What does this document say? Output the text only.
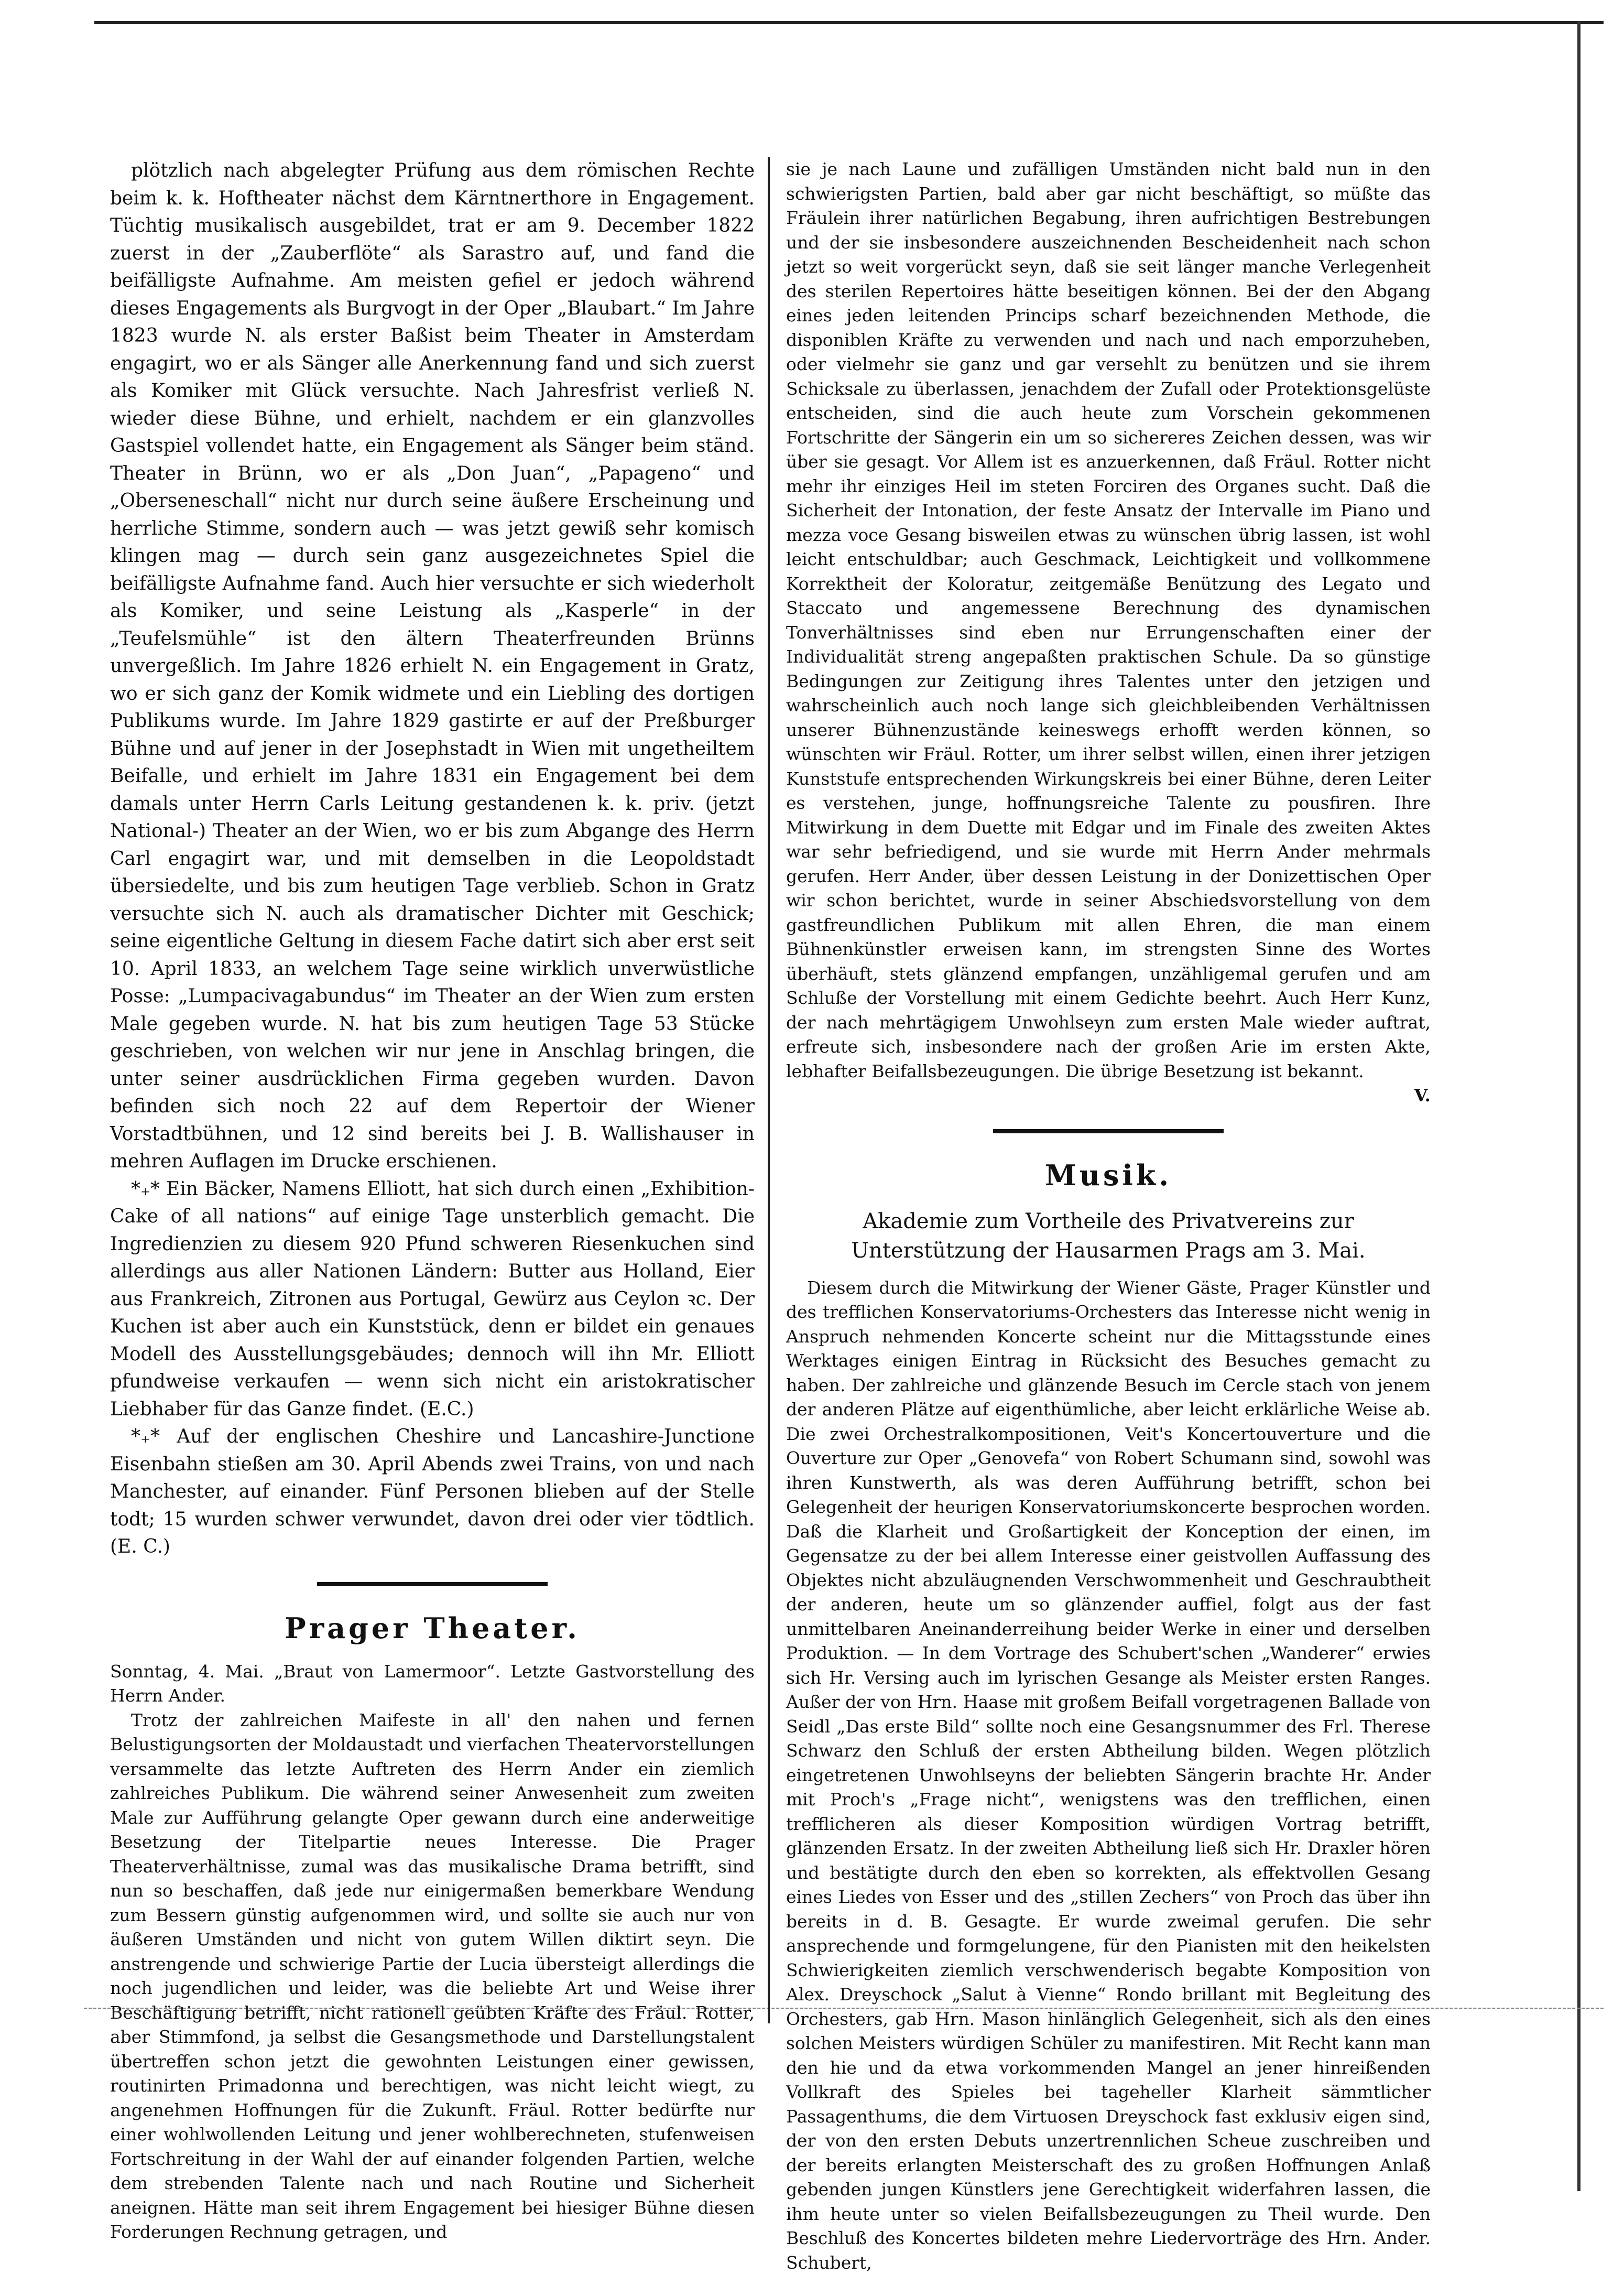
plötzlich nach abgelegter Prüfung aus dem römischen Rechte beim k. k. Hoftheater nächst dem Kärntnerthore in Engagement. Tüchtig musikalisch ausgebildet, trat er am 9. December 1822 zuerst in der „Zauberflöte“ als Sarastro auf, und fand die beifälligste Aufnahme. Am meisten gefiel er jedoch während dieses Engagements als Burgvogt in der Oper „Blaubart.“ Im Jahre 1823 wurde N. als erster Baßist beim Theater in Amsterdam engagirt, wo er als Sänger alle Anerkennung fand und sich zuerst als Komiker mit Glück versuchte. Nach Jahresfrist verließ N. wieder diese Bühne, und erhielt, nachdem er ein glanzvolles Gastspiel vollendet hatte, ein Engagement als Sänger beim ständ. Theater in Brünn, wo er als „Don Juan“, „Papageno“ und „Oberseneschall“ nicht nur durch seine äußere Erscheinung und herrliche Stimme, sondern auch — was jetzt gewiß sehr komisch klingen mag — durch sein ganz ausgezeichnetes Spiel die beifälligste Aufnahme fand. Auch hier versuchte er sich wiederholt als Komiker, und seine Leistung als „Kasperle“ in der „Teufelsmühle“ ist den ältern Theaterfreunden Brünns unvergeßlich. Im Jahre 1826 erhielt N. ein Engagement in Gratz, wo er sich ganz der Komik widmete und ein Liebling des dortigen Publikums wurde. Im Jahre 1829 gastirte er auf der Preßburger Bühne und auf jener in der Josephstadt in Wien mit ungetheiltem Beifalle, und erhielt im Jahre 1831 ein Engagement bei dem damals unter Herrn Carls Leitung gestandenen k. k. priv. (jetzt National-) Theater an der Wien, wo er bis zum Abgange des Herrn Carl engagirt war, und mit demselben in die Leopoldstadt übersiedelte, und bis zum heutigen Tage verblieb. Schon in Gratz versuchte sich N. auch als dramatischer Dichter mit Geschick; seine eigentliche Geltung in diesem Fache datirt sich aber erst seit 10. April 1833, an welchem Tage seine wirklich unverwüstliche Posse: „Lumpacivagabundus“ im Theater an der Wien zum ersten Male gegeben wurde. N. hat bis zum heutigen Tage 53 Stücke geschrieben, von welchen wir nur jene in Anschlag bringen, die unter seiner ausdrücklichen Firma gegeben wurden. Davon befinden sich noch 22 auf dem Repertoir der Wiener Vorstadtbühnen, und 12 sind bereits bei J. B. Wallishauser in mehren Auflagen im Drucke erschienen.

*₊* Ein Bäcker, Namens Elliott, hat sich durch einen „Exhibition-Cake of all nations“ auf einige Tage unsterblich gemacht. Die Ingredienzien zu diesem 920 Pfund schweren Riesenkuchen sind allerdings aus aller Nationen Ländern: Butter aus Holland, Eier aus Frankreich, Zitronen aus Portugal, Gewürz aus Ceylon ꝛc. Der Kuchen ist aber auch ein Kunststück, denn er bildet ein genaues Modell des Ausstellungsgebäudes; dennoch will ihn Mr. Elliott pfundweise verkaufen — wenn sich nicht ein aristokratischer Liebhaber für das Ganze findet. (E.C.)

*₊* Auf der englischen Cheshire und Lancashire-Junctione Eisenbahn stießen am 30. April Abends zwei Trains, von und nach Manchester, auf einander. Fünf Personen blieben auf der Stelle todt; 15 wurden schwer verwundet, davon drei oder vier tödtlich. (E. C.)

Prager Theater.

Sonntag, 4. Mai. „Braut von Lamermoor“. Letzte Gastvorstellung des Herrn Ander.

Trotz der zahlreichen Maifeste in all' den nahen und fernen Belustigungsorten der Moldaustadt und vierfachen Theatervorstellungen versammelte das letzte Auftreten des Herrn Ander ein ziemlich zahlreiches Publikum. Die während seiner Anwesenheit zum zweiten Male zur Aufführung gelangte Oper gewann durch eine anderweitige Besetzung der Titelpartie neues Interesse. Die Prager Theaterverhältnisse, zumal was das musikalische Drama betrifft, sind nun so beschaffen, daß jede nur einigermaßen bemerkbare Wendung zum Bessern günstig aufgenommen wird, und sollte sie auch nur von äußeren Umständen und nicht von gutem Willen diktirt seyn. Die anstrengende und schwierige Partie der Lucia übersteigt allerdings die noch jugendlichen und leider, was die beliebte Art und Weise ihrer Beschäftigung betrifft, nicht rationell geübten Kräfte des Fräul. Rotter, aber Stimmfond, ja selbst die Gesangsmethode und Darstellungstalent übertreffen schon jetzt die gewohnten Leistungen einer gewissen, routinirten Primadonna und berechtigen, was nicht leicht wiegt, zu angenehmen Hoffnungen für die Zukunft. Fräul. Rotter bedürfte nur einer wohlwollenden Leitung und jener wohlberechneten, stufenweisen Fortschreitung in der Wahl der auf einander folgenden Partien, welche dem strebenden Talente nach und nach Routine und Sicherheit aneignen. Hätte man seit ihrem Engagement bei hiesiger Bühne diesen Forderungen Rechnung getragen, und

sie je nach Laune und zufälligen Umständen nicht bald nun in den schwierigsten Partien, bald aber gar nicht beschäftigt, so müßte das Fräulein ihrer natürlichen Begabung, ihren aufrichtigen Bestrebungen und der sie insbesondere auszeichnenden Bescheidenheit nach schon jetzt so weit vorgerückt seyn, daß sie seit länger manche Verlegenheit des sterilen Repertoires hätte beseitigen können. Bei der den Abgang eines jeden leitenden Princips scharf bezeichnenden Methode, die disponiblen Kräfte zu verwenden und nach und nach emporzuheben, oder vielmehr sie ganz und gar versehlt zu benützen und sie ihrem Schicksale zu überlassen, jenachdem der Zufall oder Protektionsgelüste entscheiden, sind die auch heute zum Vorschein gekommenen Fortschritte der Sängerin ein um so sichereres Zeichen dessen, was wir über sie gesagt. Vor Allem ist es anzuerkennen, daß Fräul. Rotter nicht mehr ihr einziges Heil im steten Forciren des Organes sucht. Daß die Sicherheit der Intonation, der feste Ansatz der Intervalle im Piano und mezza voce Gesang bisweilen etwas zu wünschen übrig lassen, ist wohl leicht entschuldbar; auch Geschmack, Leichtigkeit und vollkommene Korrektheit der Koloratur, zeitgemäße Benützung des Legato und Staccato und angemessene Berechnung des dynamischen Tonverhältnisses sind eben nur Errungenschaften einer der Individualität streng angepaßten praktischen Schule. Da so günstige Bedingungen zur Zeitigung ihres Talentes unter den jetzigen und wahrscheinlich auch noch lange sich gleichbleibenden Verhältnissen unserer Bühnenzustände keineswegs erhofft werden können, so wünschten wir Fräul. Rotter, um ihrer selbst willen, einen ihrer jetzigen Kunststufe entsprechenden Wirkungskreis bei einer Bühne, deren Leiter es verstehen, junge, hoffnungsreiche Talente zu pousfiren. Ihre Mitwirkung in dem Duette mit Edgar und im Finale des zweiten Aktes war sehr befriedigend, und sie wurde mit Herrn Ander mehrmals gerufen. Herr Ander, über dessen Leistung in der Donizettischen Oper wir schon berichtet, wurde in seiner Abschiedsvorstellung von dem gastfreundlichen Publikum mit allen Ehren, die man einem Bühnenkünstler erweisen kann, im strengsten Sinne des Wortes überhäuft, stets glänzend empfangen, unzähligemal gerufen und am Schluße der Vorstellung mit einem Gedichte beehrt. Auch Herr Kunz, der nach mehrtägigem Unwohlseyn zum ersten Male wieder auftrat, erfreute sich, insbesondere nach der großen Arie im ersten Akte, lebhafter Beifallsbezeugungen. Die übrige Besetzung ist bekannt.

V.

Musik.
Akademie zum Vortheile des Privatvereins zur Unterstützung der Hausarmen Prags am 3. Mai.

Diesem durch die Mitwirkung der Wiener Gäste, Prager Künstler und des trefflichen Konservatoriums-Orchesters das Interesse nicht wenig in Anspruch nehmenden Koncerte scheint nur die Mittagsstunde eines Werktages einigen Eintrag in Rücksicht des Besuches gemacht zu haben. Der zahlreiche und glänzende Besuch im Cercle stach von jenem der anderen Plätze auf eigenthümliche, aber leicht erklärliche Weise ab. Die zwei Orchestralkompositionen, Veit's Koncertouverture und die Ouverture zur Oper „Genovefa“ von Robert Schumann sind, sowohl was ihren Kunstwerth, als was deren Aufführung betrifft, schon bei Gelegenheit der heurigen Konservatoriumskoncerte besprochen worden. Daß die Klarheit und Großartigkeit der Konception der einen, im Gegensatze zu der bei allem Interesse einer geistvollen Auffassung des Objektes nicht abzuläugnenden Verschwommenheit und Geschraubtheit der anderen, heute um so glänzender auffiel, folgt aus der fast unmittelbaren Aneinanderreihung beider Werke in einer und derselben Produktion. — In dem Vortrage des Schubert'schen „Wanderer“ erwies sich Hr. Versing auch im lyrischen Gesange als Meister ersten Ranges. Außer der von Hrn. Haase mit großem Beifall vorgetragenen Ballade von Seidl „Das erste Bild“ sollte noch eine Gesangsnummer des Frl. Therese Schwarz den Schluß der ersten Abtheilung bilden. Wegen plötzlich eingetretenen Unwohlseyns der beliebten Sängerin brachte Hr. Ander mit Proch's „Frage nicht“, wenigstens was den trefflichen, einen trefflicheren als dieser Komposition würdigen Vortrag betrifft, glänzenden Ersatz. In der zweiten Abtheilung ließ sich Hr. Draxler hören und bestätigte durch den eben so korrekten, als effektvollen Gesang eines Liedes von Esser und des „stillen Zechers“ von Proch das über ihn bereits in d. B. Gesagte. Er wurde zweimal gerufen. Die sehr ansprechende und formgelungene, für den Pianisten mit den heikelsten Schwierigkeiten ziemlich verschwenderisch begabte Komposition von Alex. Dreyschock „Salut à Vienne“ Rondo brillant mit Begleitung des Orchesters, gab Hrn. Mason hinlänglich Gelegenheit, sich als den eines solchen Meisters würdigen Schüler zu manifestiren. Mit Recht kann man den hie und da etwa vorkommenden Mangel an jener hinreißenden Vollkraft des Spieles bei tageheller Klarheit sämmtlicher Passagenthums, die dem Virtuosen Dreyschock fast exklusiv eigen sind, der von den ersten Debuts unzertrennlichen Scheue zuschreiben und der bereits erlangten Meisterschaft des zu großen Hoffnungen Anlaß gebenden jungen Künstlers jene Gerechtigkeit widerfahren lassen, die ihm heute unter so vielen Beifallsbezeugungen zu Theil wurde. Den Beschluß des Koncertes bildeten mehre Liedervorträge des Hrn. Ander. Schubert,
